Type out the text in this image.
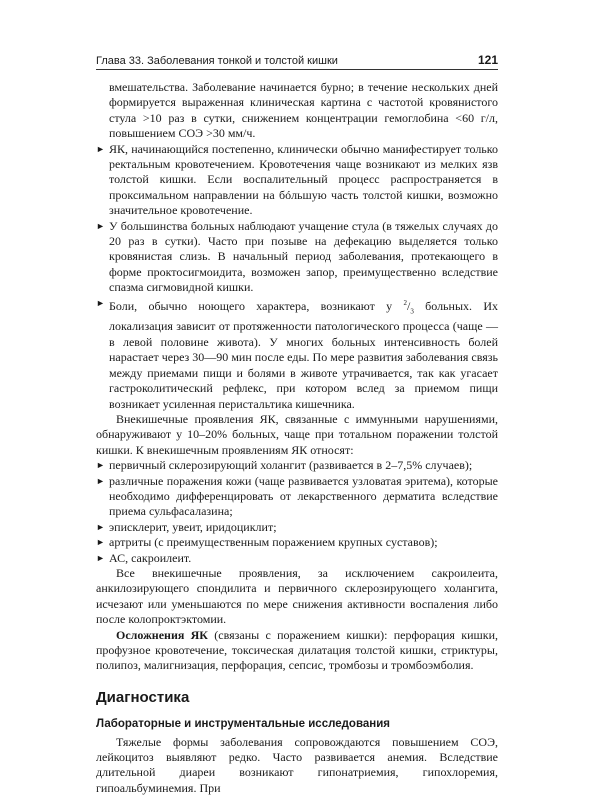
Глава 33. Заболевания тонкой и толстой кишки	121

вмешательства. Заболевание начинается бурно; в течение нескольких дней формируется выраженная клиническая картина с частотой кровянистого стула >10 раз в сутки, снижением концентрации гемоглобина <60 г/л, повышением СОЭ >30 мм/ч.

► ЯК, начинающийся постепенно, клинически обычно манифестирует только ректальным кровотечением. Кровотечения чаще возникают из мелких язв толстой кишки. Если воспалительный процесс распространяется в проксимальном направлении на бóльшую часть толстой кишки, возможно значительное кровотечение.

► У большинства больных наблюдают учащение стула (в тяжелых случаях до 20 раз в сутки). Часто при позыве на дефекацию выделяется только кровянистая слизь. В начальный период заболевания, протекающего в форме проктосигмоидита, возможен запор, преимущественно вследствие спазма сигмовидной кишки.

► Боли, обычно ноющего характера, возникают у $^2/_3$ больных. Их локализация зависит от протяженности патологического процесса (чаще — в левой половине живота). У многих больных интенсивность болей нарастает через 30—90 мин после еды. По мере развития заболевания связь между приемами пищи и болями в животе утрачивается, так как угасает гастроколитический рефлекс, при котором вслед за приемом пищи возникает усиленная перистальтика кишечника.

Внекишечные проявления ЯК, связанные с иммунными нарушениями, обнаруживают у 10–20% больных, чаще при тотальном поражении толстой кишки. К внекишечным проявлениям ЯК относят:

► первичный склерозирующий холангит (развивается в 2–7,5% случаев);

► различные поражения кожи (чаще развивается узловатая эритема), которые необходимо дифференцировать от лекарственного дерматита вследствие приема сульфасалазина;

► эписклерит, увеит, иридоциклит;

► артриты (с преимущественным поражением крупных суставов);

► АС, сакроилеит.

Все внекишечные проявления, за исключением сакроилеита, анкилозирующего спондилита и первичного склерозирующего холангита, исчезают или уменьшаются по мере снижения активности воспаления либо после колопроктэктомии.

Осложнения ЯК (связаны с поражением кишки): перфорация кишки, профузное кровотечение, токсическая дилатация толстой кишки, стриктуры, полипоз, малигнизация, перфорация, сепсис, тромбозы и тромбоэмболия.

Диагностика
Лабораторные и инструментальные исследования

Тяжелые формы заболевания сопровождаются повышением СОЭ, лейкоцитоз выявляют редко. Часто развивается анемия. Вследствие длительной диареи возникают гипонатриемия, гипохлоремия, гипоальбуминемия. При
